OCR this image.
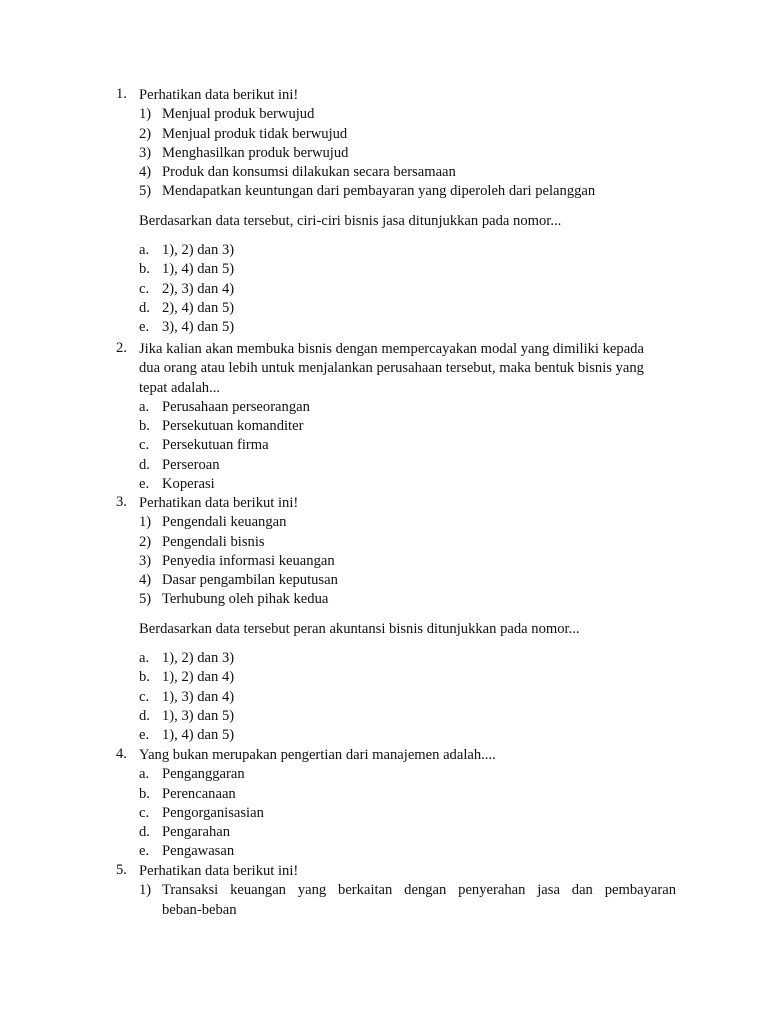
1. Perhatikan data berikut ini!
1) Menjual produk berwujud
2) Menjual produk tidak berwujud
3) Menghasilkan produk berwujud
4) Produk dan konsumsi dilakukan secara bersamaan
5) Mendapatkan keuntungan dari pembayaran yang diperoleh dari pelanggan
Berdasarkan data tersebut, ciri-ciri bisnis jasa ditunjukkan pada nomor...
a. 1), 2) dan 3)
b. 1), 4) dan 5)
c. 2), 3) dan 4)
d. 2), 4) dan 5)
e. 3), 4) dan 5)
2. Jika kalian akan membuka bisnis dengan mempercayakan modal yang dimiliki kepada
dua orang atau lebih untuk menjalankan perusahaan tersebut, maka bentuk bisnis yang
tepat adalah...
a. Perusahaan perseorangan
b. Persekutuan komanditer
c. Persekutuan firma
d. Perseroan
e. Koperasi
3. Perhatikan data berikut ini!
1) Pengendali keuangan
2) Pengendali bisnis
3) Penyedia informasi keuangan
4) Dasar pengambilan keputusan
5) Terhubung oleh pihak kedua
Berdasarkan data tersebut peran akuntansi bisnis ditunjukkan pada nomor...
a. 1), 2) dan 3)
b. 1), 2) dan 4)
c. 1), 3) dan 4)
d. 1), 3) dan 5)
e. 1), 4) dan 5)
4. Yang bukan merupakan pengertian dari manajemen adalah....
a. Penganggaran
b. Perencanaan
c. Pengorganisasian
d. Pengarahan
e. Pengawasan
5. Perhatikan data berikut ini!
1) Transaksi keuangan yang berkaitan dengan penyerahan jasa dan pembayaran
beban-beban
